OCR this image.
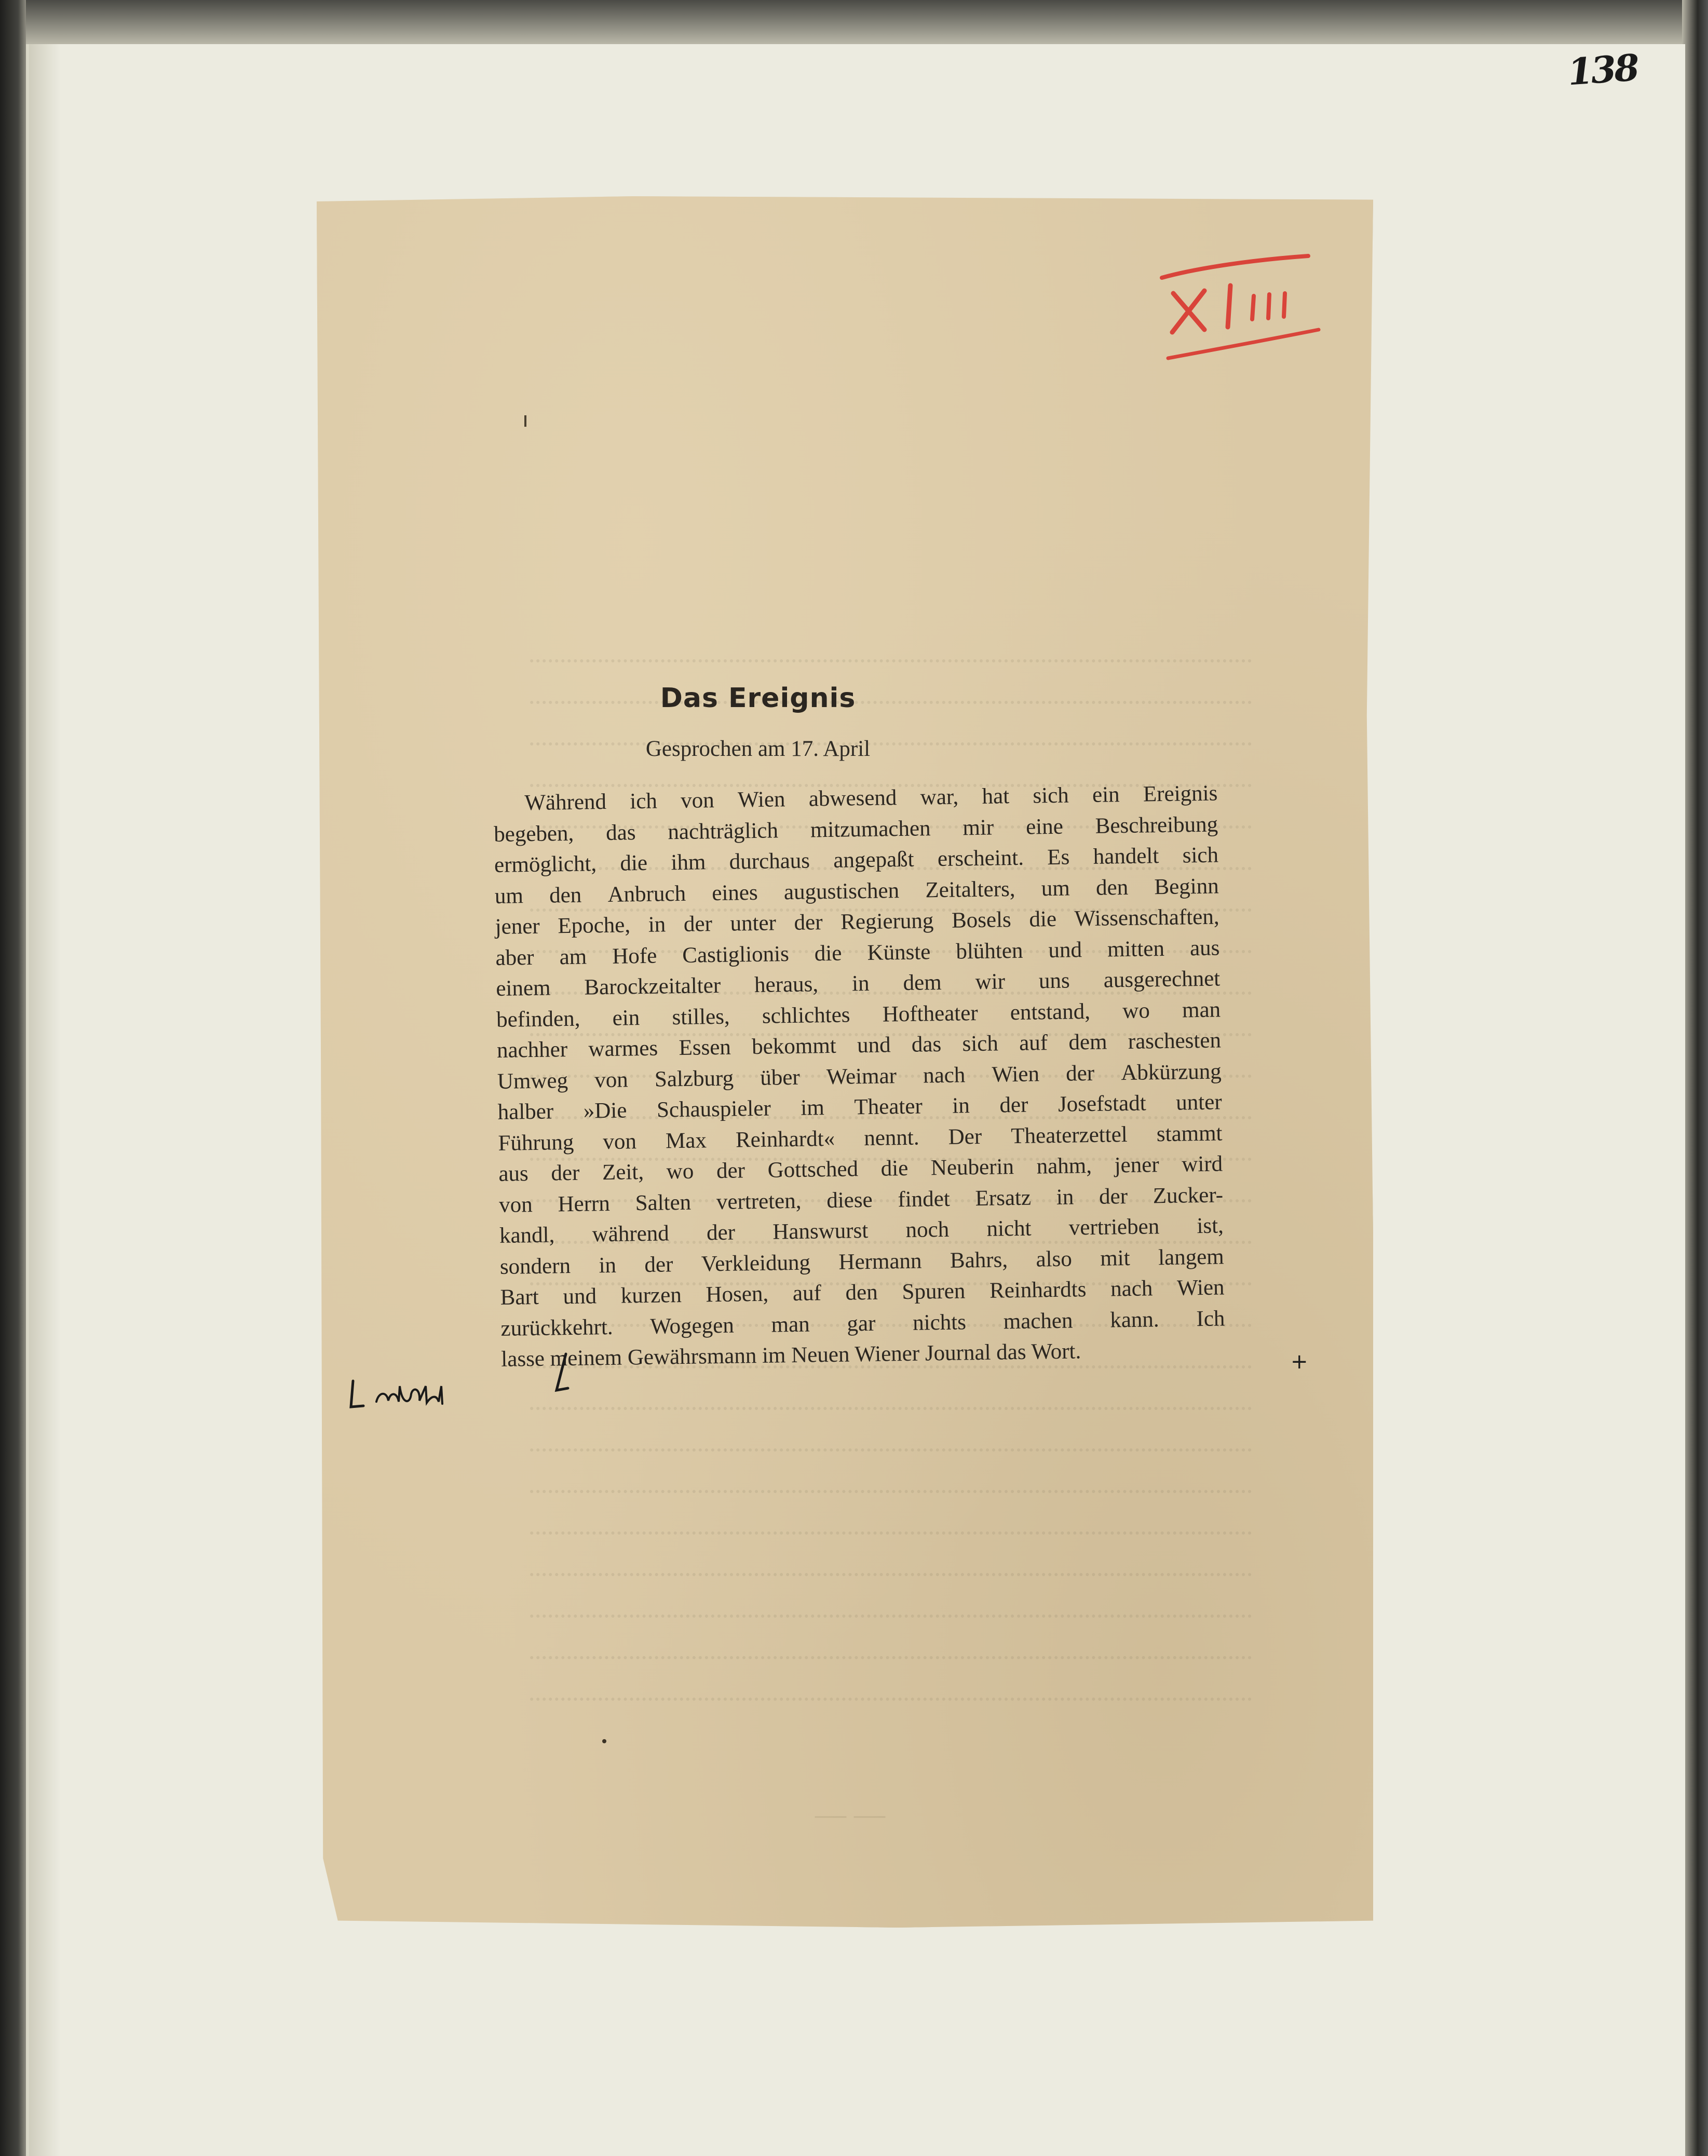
138
Das Ereignis
Gesprochen am 17. April
Während ich von Wien abwesend war, hat sich ein Ereignis
begeben, das nachträglich mitzumachen mir eine Beschreibung
ermöglicht, die ihm durchaus angepaßt erscheint. Es handelt sich
um den Anbruch eines augustischen Zeitalters, um den Beginn
jener Epoche, in der unter der Regierung Bosels die Wissenschaften,
aber am Hofe Castiglionis die Künste blühten und mitten aus
einem Barockzeitalter heraus, in dem wir uns ausgerechnet
befinden, ein stilles, schlichtes Hoftheater entstand, wo man
nachher warmes Essen bekommt und das sich auf dem raschesten
Umweg von Salzburg über Weimar nach Wien der Abkürzung
halber »Die Schauspieler im Theater in der Josefstadt unter
Führung von Max Reinhardt« nennt. Der Theaterzettel stammt
aus der Zeit, wo der Gottsched die Neuberin nahm, jener wird
von Herrn Salten vertreten, diese findet Ersatz in der Zucker-
kandl, während der Hanswurst noch nicht vertrieben ist,
sondern in der Verkleidung Hermann Bahrs, also mit langem
Bart und kurzen Hosen, auf den Spuren Reinhardts nach Wien
zurückkehrt. Wogegen man gar nichts machen kann. Ich
lasse meinem Gewährsmann im Neuen Wiener Journal das Wort.	+
— —
